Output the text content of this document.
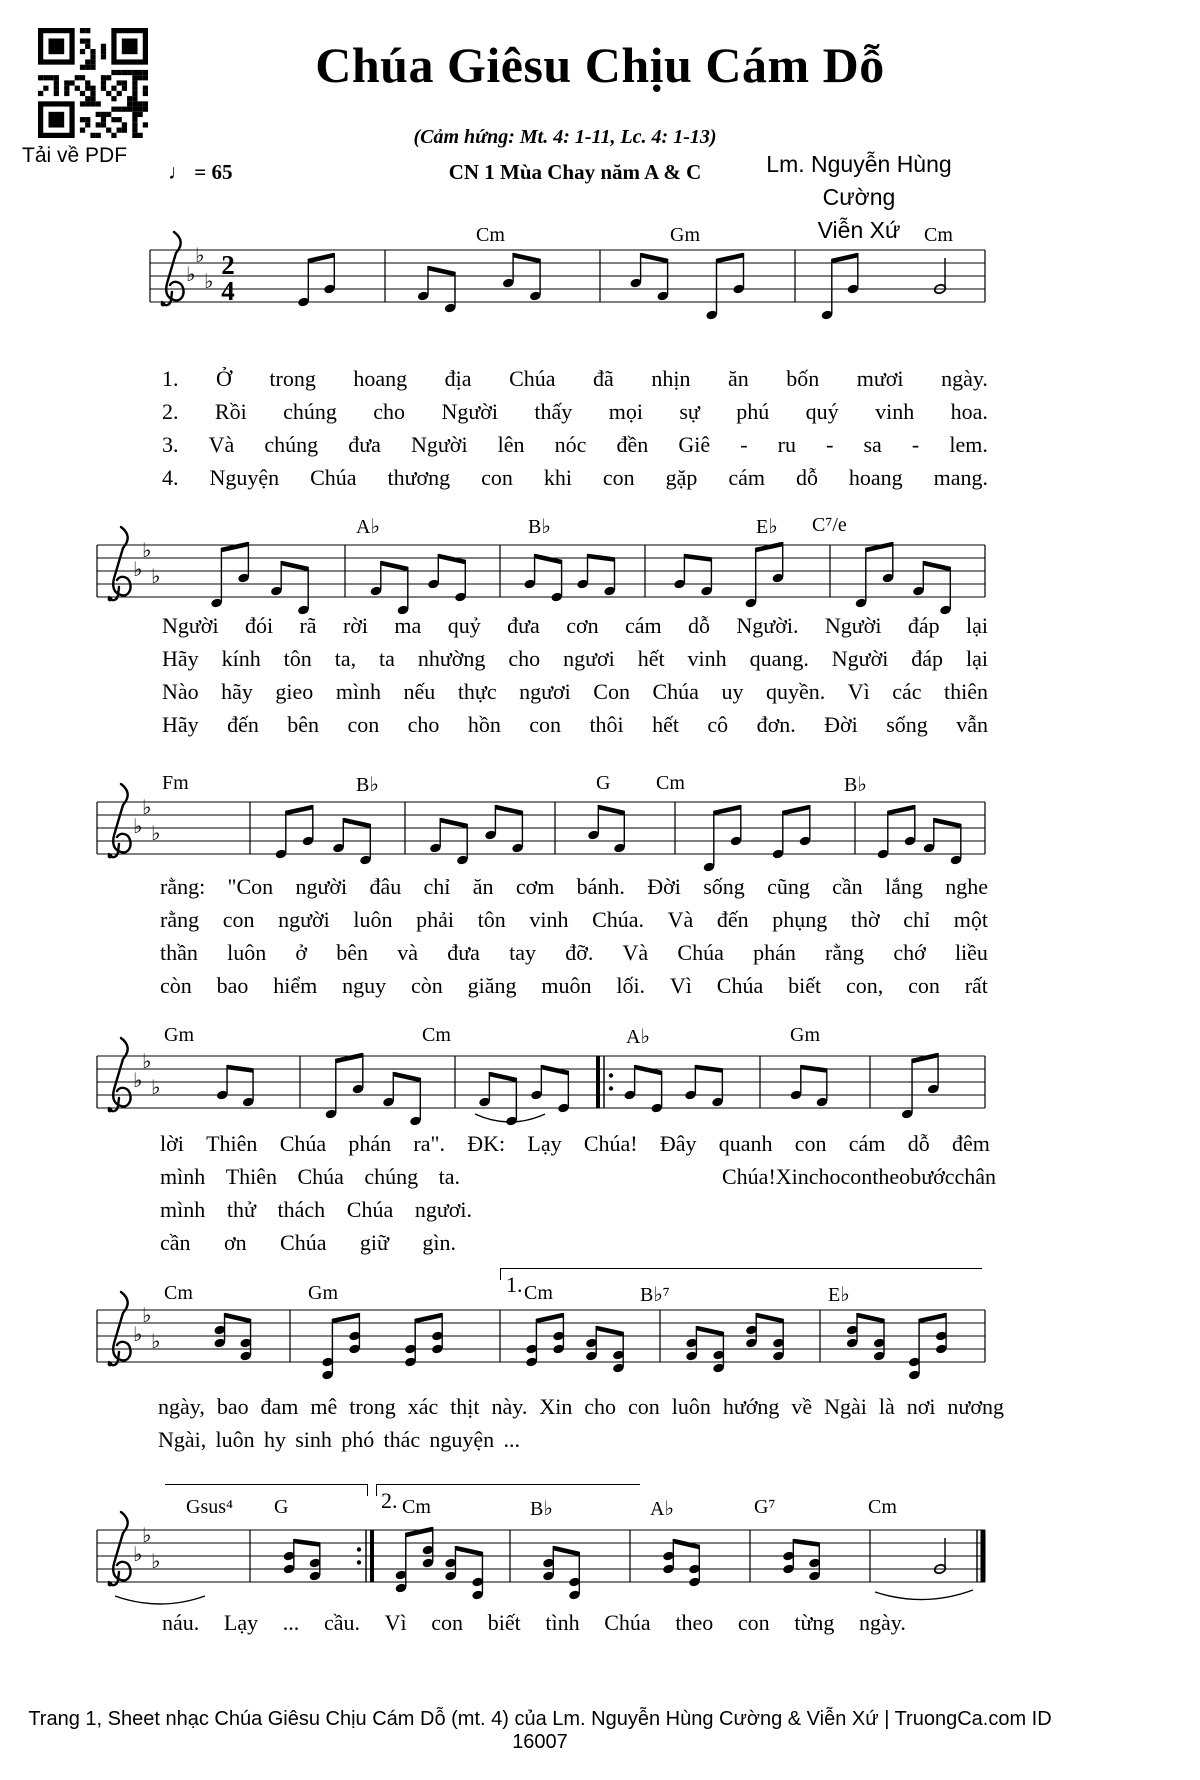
Tải về PDF
Chúa Giêsu Chịu Cám Dỗ
(Cảm hứng: Mt. 4: 1-11, Lc. 4: 1-13)
CN 1 Mùa Chay năm A & C	Lm. Nguyễn Hùng Cường
Viễn Xứ
♩ = 65
Cm	Gm	Cm
♭
♭
♭
2
4
1. Ở trong hoang địa Chúa đã nhịn ăn bốn mươi ngày.
2. Rồi chúng cho Người thấy mọi sự phú quý vinh hoa.
3. Và chúng đưa Người lên nóc đền Giê - ru - sa - lem.
4. Nguyện Chúa thương con khi con gặp cám dỗ hoang mang.
A♭	B♭	E♭ C⁷/e
♭
♭
♭
Người đói rã rời ma quỷ đưa cơn cám dỗ Người. Người đáp lại
Hãy kính tôn ta, ta nhường cho ngươi hết vinh quang. Người đáp lại
Nào hãy gieo mình nếu thực ngươi Con Chúa uy quyền. Vì các thiên
Hãy đến bên con cho hồn con thôi hết cô đơn. Đời sống vẫn
Fm	B♭	G Cm	B♭
♭
♭
♭
rằng: "Con người đâu chỉ ăn cơm bánh. Đời sống cũng cần lắng nghe
rằng con người luôn phải tôn vinh Chúa. Và đến phụng thờ chỉ một
thần luôn ở bên và đưa tay đỡ. Và Chúa phán rằng chớ liều
còn bao hiểm nguy còn giăng muôn lối. Vì Chúa biết con, con rất
Gm	Cm	A♭	Gm
♭
♭
♭
lời Thiên Chúa phán ra". ĐK: Lạy Chúa! Đây quanh con cám dỗ đêm
mình Thiên Chúa chúng ta.	Chúa! Xin cho con theo bước chân
mình thử thách Chúa ngươi.
cần ơn Chúa giữ gìn.
1.
Cm	Gm	Cm	B♭⁷	E♭
♭
♭
♭
ngày, bao đam mê trong xác thịt này. Xin cho con luôn hướng về Ngài là nơi nương
Ngài, luôn hy sinh phó thác nguyện ...
2.
Gsus⁴ G	Cm	B♭	A♭	G⁷	Cm
♭
♭
♭
náu. Lạy ... cầu. Vì con biết tình Chúa theo con từng ngày.
Trang 1, Sheet nhạc Chúa Giêsu Chịu Cám Dỗ (mt. 4) của Lm. Nguyễn Hùng Cường & Viễn Xứ | TruongCa.com ID 16007
